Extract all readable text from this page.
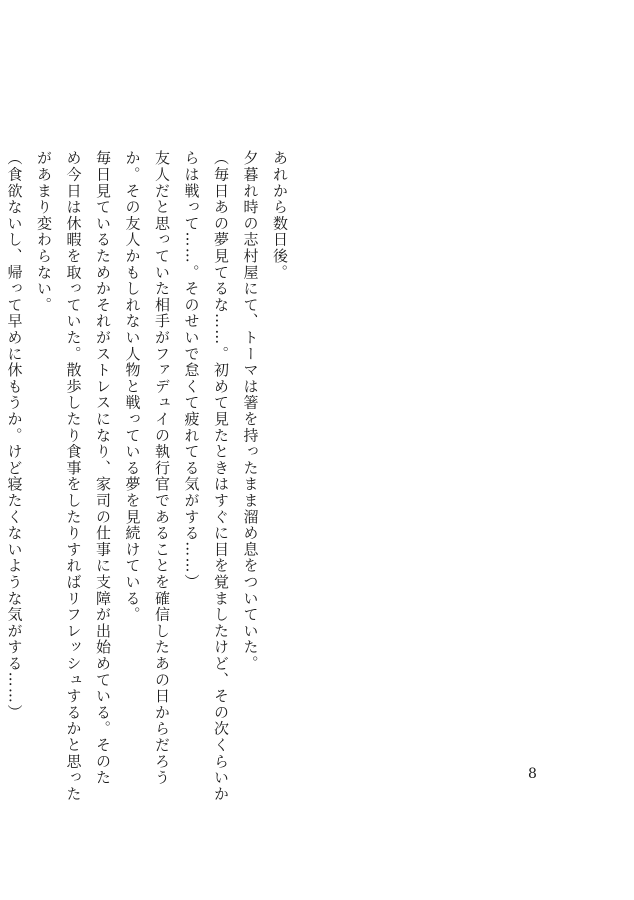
あれから数日後。

夕暮れ時の志村屋にて、トーマは箸を持ったまま溜め息をついていた。

（毎日あの夢見てるな……。初めて見たときはすぐに目を覚ましたけど、その次くらいか

らは戦って……。そのせいで怠くて疲れてる気がする……）

友人だと思っていた相手がファデュイの執行官であることを確信したあの日からだろう

か。その友人かもしれない人物と戦っている夢を見続けている。

毎日見ているためかそれがストレスになり、家司の仕事に支障が出始めている。そのた

め今日は休暇を取っていた。散歩したり食事をしたりすればリフレッシュするかと思った

があまり変わらない。

（食欲ないし、帰って早めに休もうか。けど寝たくないような気がする……）

8
